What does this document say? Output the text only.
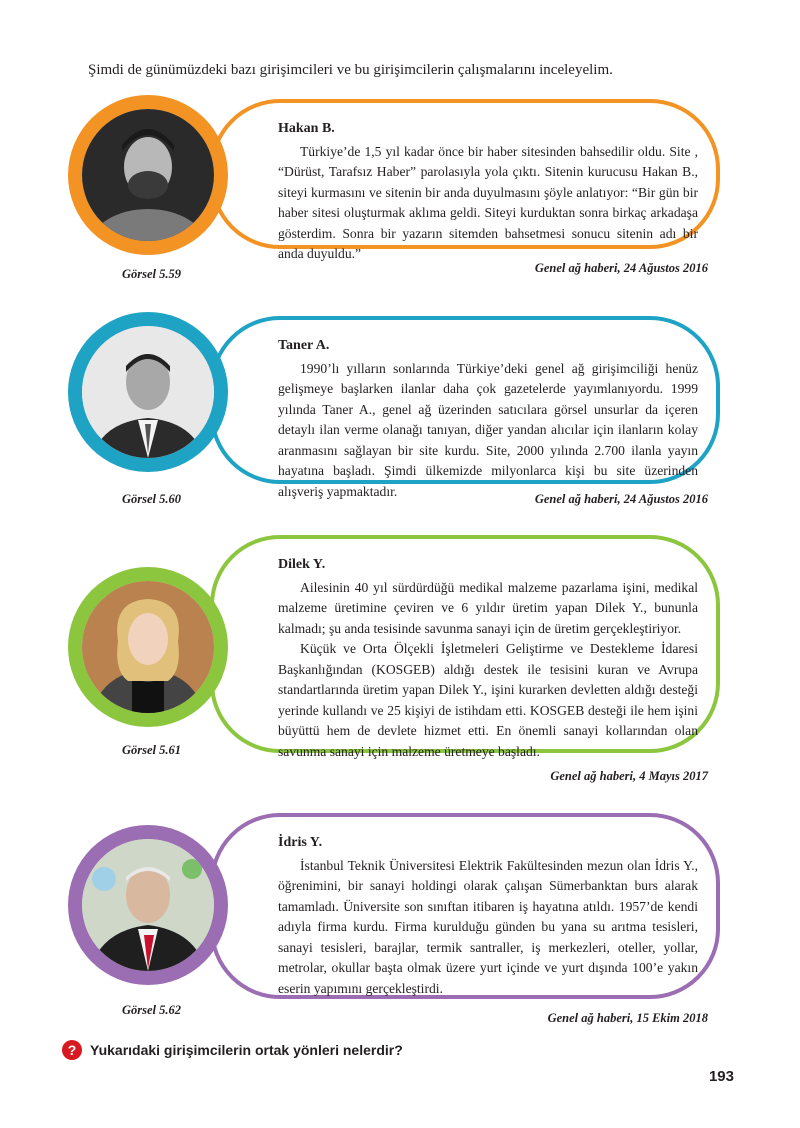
Şimdi de günümüzdeki bazı girişimcileri ve bu girişimcilerin çalışmalarını inceleyelim.
Hakan B.

Türkiye’de 1,5 yıl kadar önce bir haber sitesinden bahsedilir oldu. Site , “Dürüst, Tarafsız Haber” parolasıyla yola çıktı. Sitenin kurucusu Hakan B., siteyi kurmasını ve sitenin bir anda duyulmasını şöyle anlatıyor: “Bir gün bir haber sitesi oluşturmak aklıma geldi. Siteyi kurduktan sonra birkaç arkadaşa gösterdim. Sonra bir yazarın sitemden bahsetmesi sonucu sitenin adı bir anda duyuldu.”

Görsel 5.59	Genel ağ haberi, 24 Ağustos 2016
Taner A.

1990’lı yılların sonlarında Türkiye’deki genel ağ girişimciliği henüz gelişmeye başlarken ilanlar daha çok gazetelerde yayımlanıyordu. 1999 yılında Taner A., genel ağ üzerinden satıcılara görsel unsurlar da içeren detaylı ilan verme olanağı tanıyan, diğer yandan alıcılar için ilanların kolay aranmasını sağlayan bir site kurdu. Site, 2000 yılında 2.700 ilanla yayın hayatına başladı. Şimdi ülkemizde milyonlarca kişi bu site üzerinden alışveriş yapmaktadır.

Görsel 5.60	Genel ağ haberi, 24 Ağustos 2016
Dilek Y.

Ailesinin 40 yıl sürdürdüğü medikal malzeme pazarlama işini, medikal malzeme üretimine çeviren ve 6 yıldır üretim yapan Dilek Y., bununla kalmadı; şu anda tesisinde savunma sanayi için de üretim gerçekleştiriyor.

Küçük ve Orta Ölçekli İşletmeleri Geliştirme ve Destekleme İdaresi Başkanlığından (KOSGEB) aldığı destek ile tesisini kuran ve Avrupa standartlarında üretim yapan Dilek Y., işini kurarken devletten aldığı desteği yerinde kullandı ve 25 kişiyi de istihdam etti. KOSGEB desteği ile hem işini büyüttü hem de devlete hizmet etti. En önemli sanayi kollarından olan savunma sanayi için malzeme üretmeye başladı.

Görsel 5.61
Genel ağ haberi, 4 Mayıs 2017
İdris Y.

İstanbul Teknik Üniversitesi Elektrik Fakültesinden mezun olan İdris Y., öğrenimini, bir sanayi holdingi olarak çalışan Sümerbanktan burs alarak tamamladı. Üniversite son sınıftan itibaren iş hayatına atıldı. 1957’de kendi adıyla firma kurdu. Firma kurulduğu günden bu yana su arıtma tesisleri, sanayi tesisleri, barajlar, termik santraller, iş merkezleri, oteller, yollar, metrolar, okullar başta olmak üzere yurt içinde ve yurt dışında 100’e yakın eserin yapımını gerçekleştirdi.

Görsel 5.62
Genel ağ haberi, 15 Ekim 2018
? Yukarıdaki girişimcilerin ortak yönleri nelerdir?
193
